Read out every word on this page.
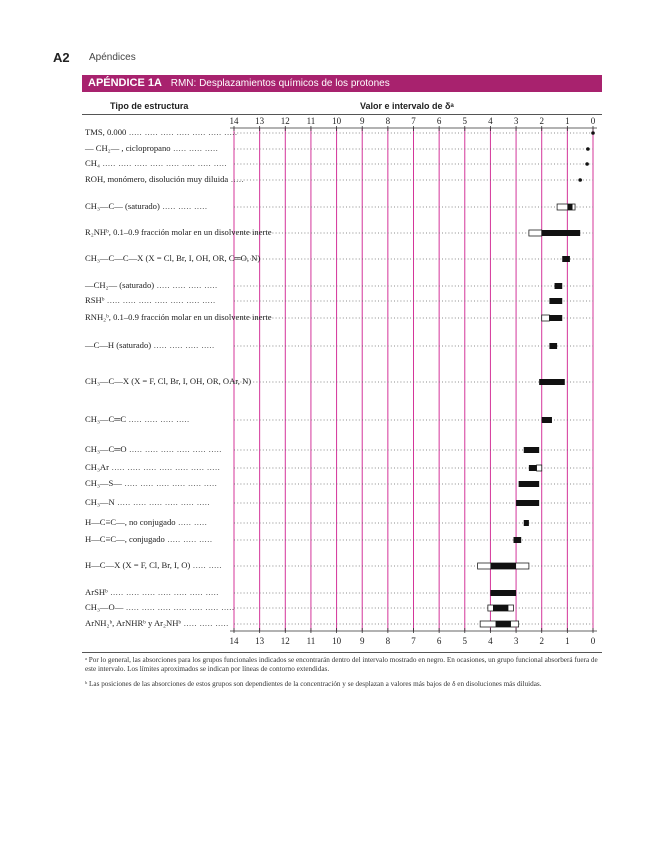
A2 Apéndices
APÉNDICE 1A RMN: Desplazamientos químicos de los protones
Tipo de estructura	Valor e intervalo de δᵃ
14
14
13
13
12
12
11
11
10
10
9
9
8
8
7
7
6
6
5
5
4
4
3
3
2
2
1
1
0
0
TMS, 0.000 ..... ..... ..... ..... ..... ..... .....
— CH₂— , ciclopropano ..... ..... .....
CH₄ ..... ..... ..... ..... ..... ..... ..... .....
ROH, monómero, disolución muy diluida .....
CH₃—C— (saturado) ..... ..... .....
R₂NHᵇ, 0.1–0.9 fracción molar en un disolvente inerte
CH₃—C—C—X (X = Cl, Br, I, OH, OR, C═O, N)
—CH₂— (saturado) ..... ..... ..... .....
RSHᵇ ..... ..... ..... ..... ..... ..... .....
RNH₂ᵇ, 0.1–0.9 fracción molar en un disolvente inerte
—C—H (saturado) ..... ..... ..... .....
CH₃—C—X (X = F, Cl, Br, I, OH, OR, OAr, N)
CH₃—C═C ..... ..... ..... .....
CH₃—C═O ..... ..... ..... ..... ..... .....
CH₃Ar ..... ..... ..... ..... ..... ..... .....
CH₃—S— ..... ..... ..... ..... ..... .....
CH₃—N ..... ..... ..... ..... ..... .....
H—C≡C—, no conjugado ..... .....
H—C≡C—, conjugado ..... ..... .....
H—C—X (X = F, Cl, Br, I, O) ..... .....
ArSHᵇ ..... ..... ..... ..... ..... ..... .....
CH₃—O— ..... ..... ..... ..... ..... ..... .....
ArNH₂ᵇ, ArNHRᵇ y Ar₂NHᵇ ..... ..... .....
ᵃ Por lo general, las absorciones para los grupos funcionales indicados se encontrarán dentro del intervalo mostrado en negro. En ocasiones, un grupo funcional absorberá fuera de este intervalo. Los límites aproximados se indican por líneas de contorno extendidas.
ᵇ Las posiciones de las absorciones de estos grupos son dependientes de la concentración y se desplazan a valores más bajos de δ en disoluciones más diluidas.
